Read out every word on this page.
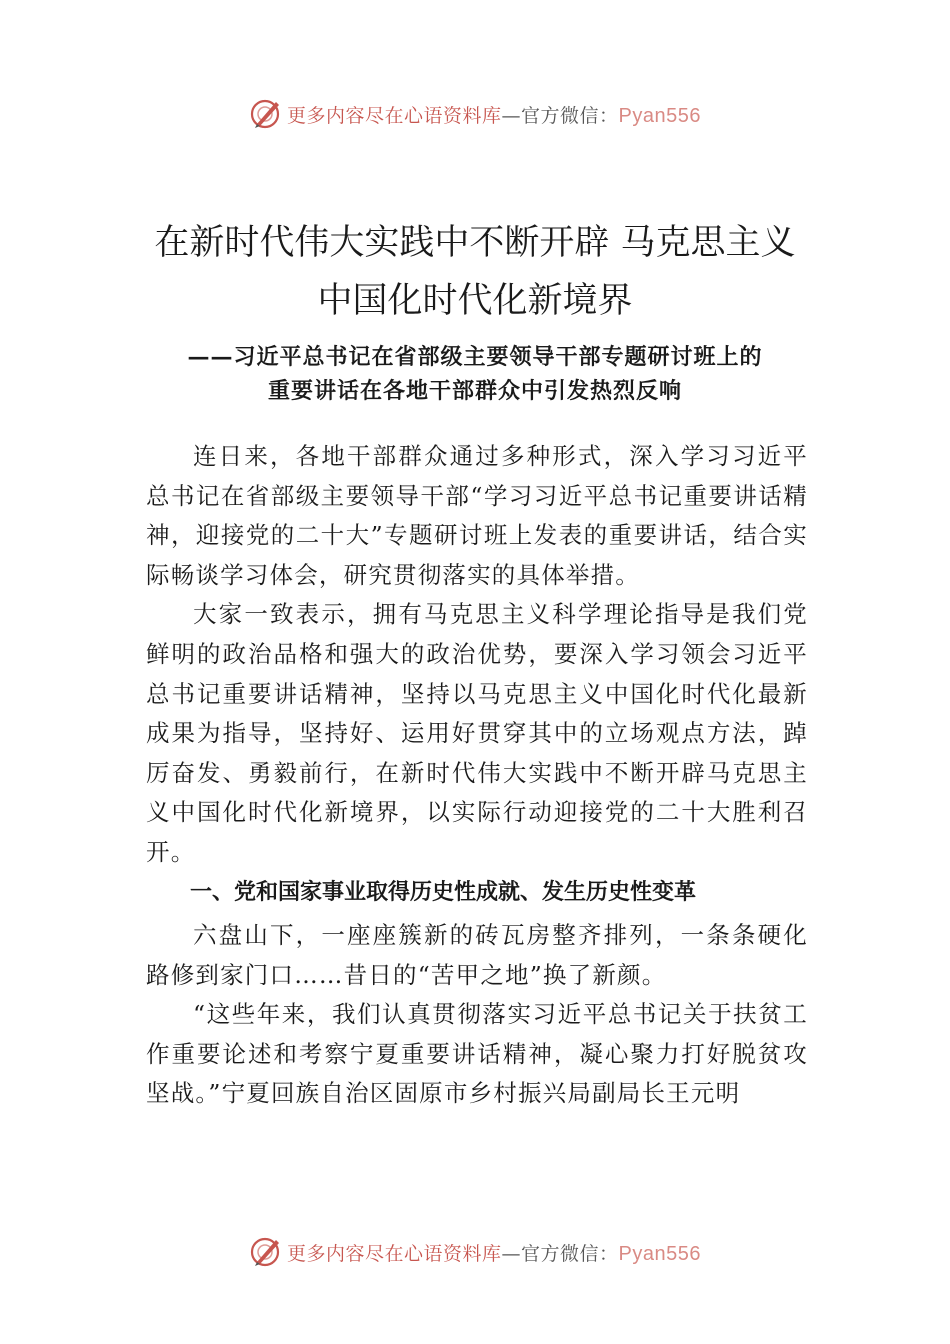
更多内容尽在心语资料库—官方微信：Pyan556
在新时代伟大实践中不断开辟 马克思主义
中国化时代化新境界
——习近平总书记在省部级主要领导干部专题研讨班上的
重要讲话在各地干部群众中引发热烈反响

连日来，各地干部群众通过多种形式，深入学习习近平总书记在省部级主要领导干部“学习习近平总书记重要讲话精神，迎接党的二十大”专题研讨班上发表的重要讲话，结合实际畅谈学习体会，研究贯彻落实的具体举措。

大家一致表示，拥有马克思主义科学理论指导是我们党鲜明的政治品格和强大的政治优势，要深入学习领会习近平总书记重要讲话精神，坚持以马克思主义中国化时代化最新成果为指导，坚持好、运用好贯穿其中的立场观点方法，踔厉奋发、勇毅前行，在新时代伟大实践中不断开辟马克思主义中国化时代化新境界，以实际行动迎接党的二十大胜利召开。

一、党和国家事业取得历史性成就、发生历史性变革

六盘山下，一座座簇新的砖瓦房整齐排列，一条条硬化路修到家门口……昔日的“苦甲之地”换了新颜。

“这些年来，我们认真贯彻落实习近平总书记关于扶贫工作重要论述和考察宁夏重要讲话精神，凝心聚力打好脱贫攻坚战。”宁夏回族自治区固原市乡村振兴局副局长王元明

更多内容尽在心语资料库—官方微信：Pyan556
